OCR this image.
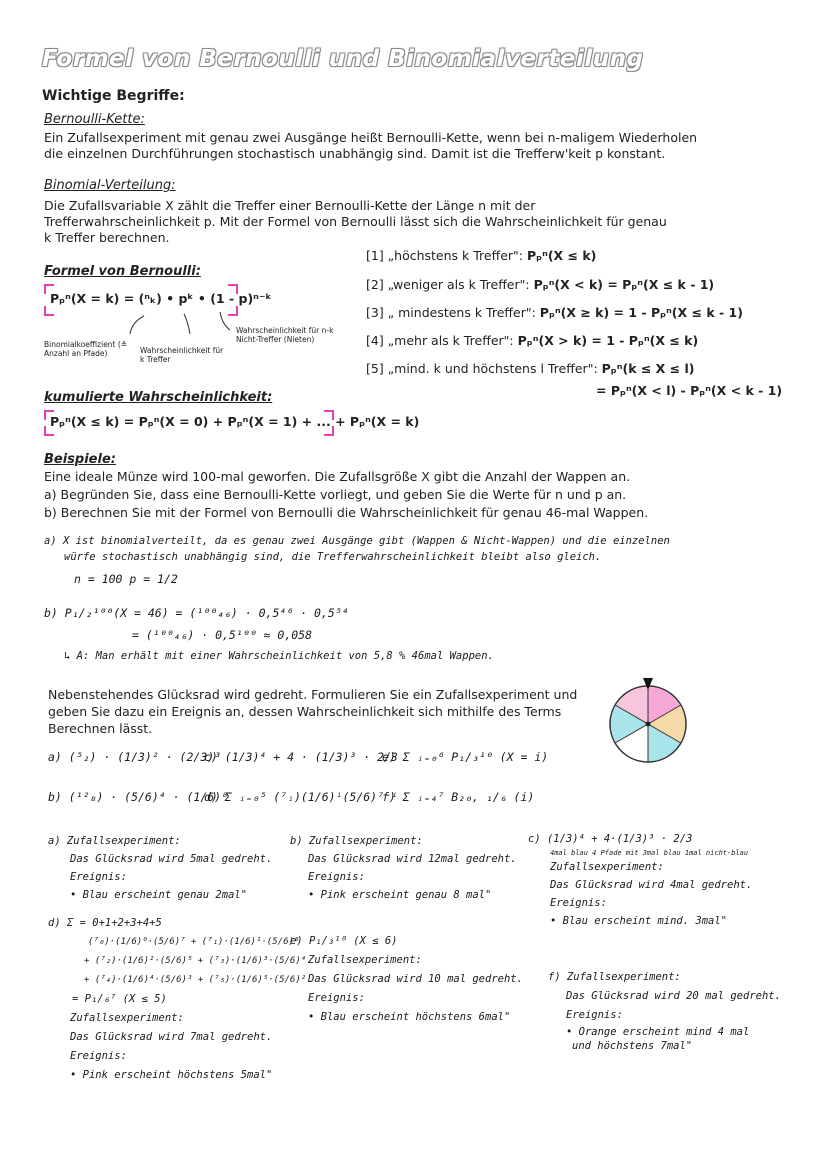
Formel von Bernoulli und Binomialverteilung
Wichtige Begriffe:
Bernoulli-Kette:
Ein Zufallsexperiment mit genau zwei Ausgänge heißt Bernoulli-Kette, wenn bei n-maligem Wiederholen
die einzelnen Durchführungen stochastisch unabhängig sind. Damit ist die Trefferw'keit p konstant.
Binomial-Verteilung:
Die Zufallsvariable X zählt die Treffer einer Bernoulli-Kette der Länge n mit der
Trefferwahrscheinlichkeit p. Mit der Formel von Bernoulli lässt sich die Wahrscheinlichkeit für genau
k Treffer berechnen.
Formel von Bernoulli:
Pₚⁿ(X = k) = (ⁿₖ) • pᵏ • (1 - p)ⁿ⁻ᵏ
Binomialkoeffizient (≙ Anzahl an Pfade)	Wahrscheinlichkeit für k Treffer
Wahrscheinlichkeit für n-k Nicht-Treffer (Nieten)
kumulierte Wahrscheinlichkeit:
Pₚⁿ(X ≤ k) = Pₚⁿ(X = 0) + Pₚⁿ(X = 1) + ... + Pₚⁿ(X = k)
[1] „höchstens k Treffer": Pₚⁿ(X ≤ k)
[2] „weniger als k Treffer": Pₚⁿ(X < k) = Pₚⁿ(X ≤ k - 1)
[3] „ mindestens k Treffer": Pₚⁿ(X ≥ k) = 1 - Pₚⁿ(X ≤ k - 1)
[4] „mehr als k Treffer": Pₚⁿ(X > k) = 1 - Pₚⁿ(X ≤ k)
[5] „mind. k und höchstens l Treffer": Pₚⁿ(k ≤ X ≤ l)
= Pₚⁿ(X < l) - Pₚⁿ(X < k - 1)
Beispiele:
Eine ideale Münze wird 100-mal geworfen. Die Zufallsgröße X gibt die Anzahl der Wappen an.
a) Begründen Sie, dass eine Bernoulli-Kette vorliegt, und geben Sie die Werte für n und p an.
b) Berechnen Sie mit der Formel von Bernoulli die Wahrscheinlichkeit für genau 46-mal Wappen.
a) X ist binomialverteilt, da es genau zwei Ausgänge gibt (Wappen & Nicht-Wappen) und die einzelnen
würfe stochastisch unabhängig sind, die Trefferwahrscheinlichkeit bleibt also gleich.
n = 100 p = 1/2
b) P₁/₂¹⁰⁰(X = 46) = (¹⁰⁰₄₆) · 0,5⁴⁶ · 0,5⁵⁴
= (¹⁰⁰₄₆) · 0,5¹⁰⁰ ≈ 0,058
↳ A: Man erhält mit einer Wahrscheinlichkeit von 5,8 % 46mal Wappen.
Nebenstehendes Glücksrad wird gedreht. Formulieren Sie ein Zufallsexperiment und
geben Sie dazu ein Ereignis an, dessen Wahrscheinlichkeit sich mithilfe des Terms
Berechnen lässt.
a) (⁵₂) · (1/3)² · (2/3)³
b) (¹²₈) · (5/6)⁴ · (1/6)⁸
c) (1/3)⁴ + 4 · (1/3)³ · 2/3
d) Σ ᵢ₌₀⁵ (⁷ᵢ)(1/6)ⁱ(5/6)⁷⁻ⁱ
e) Σ ᵢ₌₀⁶ P₁/₃¹⁰ (X = i)
f) Σ ᵢ₌₄⁷ B₂₀, ₁/₆ (i)
a) Zufallsexperiment:
Das Glücksrad wird 5mal gedreht.
Ereignis:
• Blau erscheint genau 2mal"
b) Zufallsexperiment:
Das Glücksrad wird 12mal gedreht.
Ereignis:
• Pink erscheint genau 8 mal"
c) (1/3)⁴ + 4·(1/3)³ · 2/3
4mal blau 4 Pfade mit 3mal blau 1mal nicht-blau
Zufallsexperiment:
Das Glücksrad wird 4mal gedreht.
Ereignis:
• Blau erscheint mind. 3mal"
d) Σ = 0+1+2+3+4+5
(⁷₀)·(1/6)⁰·(5/6)⁷ + (⁷₁)·(1/6)¹·(5/6)⁶
+ (⁷₂)·(1/6)²·(5/6)⁵ + (⁷₃)·(1/6)³·(5/6)⁴
+ (⁷₄)·(1/6)⁴·(5/6)³ + (⁷₅)·(1/6)⁵·(5/6)²
= P₁/₆⁷ (X ≤ 5)
Zufallsexperiment:
Das Glücksrad wird 7mal gedreht.
Ereignis:
• Pink erscheint höchstens 5mal"
e) P₁/₃¹⁰ (X ≤ 6)
Zufallsexperiment:
Das Glücksrad wird 10 mal gedreht.
Ereignis:
• Blau erscheint höchstens 6mal"
f) Zufallsexperiment:
Das Glücksrad wird 20 mal gedreht.
Ereignis:
• Orange erscheint mind 4 mal
und höchstens 7mal"
